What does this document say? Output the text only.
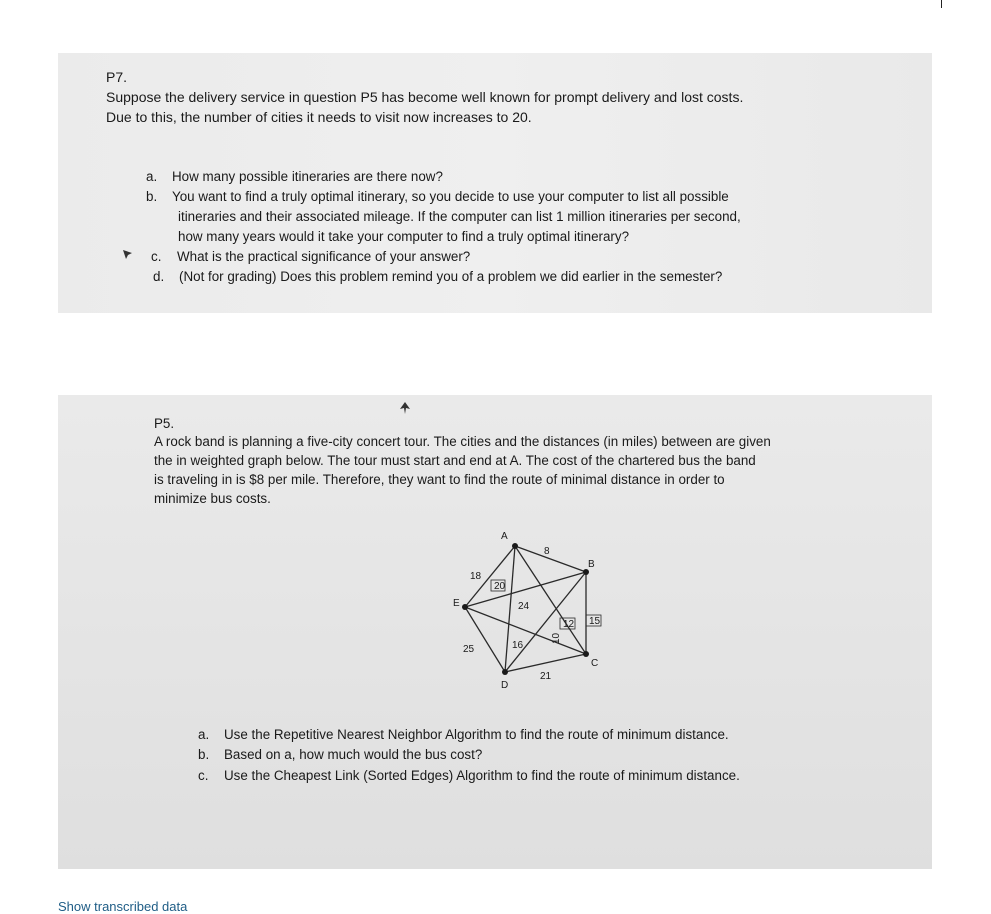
P7.
Suppose the delivery service in question P5 has become well known for prompt delivery and lost costs.
Due to this, the number of cities it needs to visit now increases to 20.
a. How many possible itineraries are there now?
b. You want to find a truly optimal itinerary, so you decide to use your computer to list all possible
itineraries and their associated mileage. If the computer can list 1 million itineraries per second,
how many years would it take your computer to find a truly optimal itinerary?
c. What is the practical significance of your answer?
d. (Not for grading) Does this problem remind you of a problem we did earlier in the semester?
P5.
A rock band is planning a five-city concert tour. The cities and the distances (in miles) between are given
the in weighted graph below. The tour must start and end at A. The cost of the chartered bus the band
is traveling in is $8 per mile. Therefore, they want to find the route of minimal distance in order to
minimize bus costs.
A
B
C
D
E
8
18
20
10
24
12 15
16
25
21
a. Use the Repetitive Nearest Neighbor Algorithm to find the route of minimum distance.
b. Based on a, how much would the bus cost?
c. Use the Cheapest Link (Sorted Edges) Algorithm to find the route of minimum distance.
Show transcribed data
